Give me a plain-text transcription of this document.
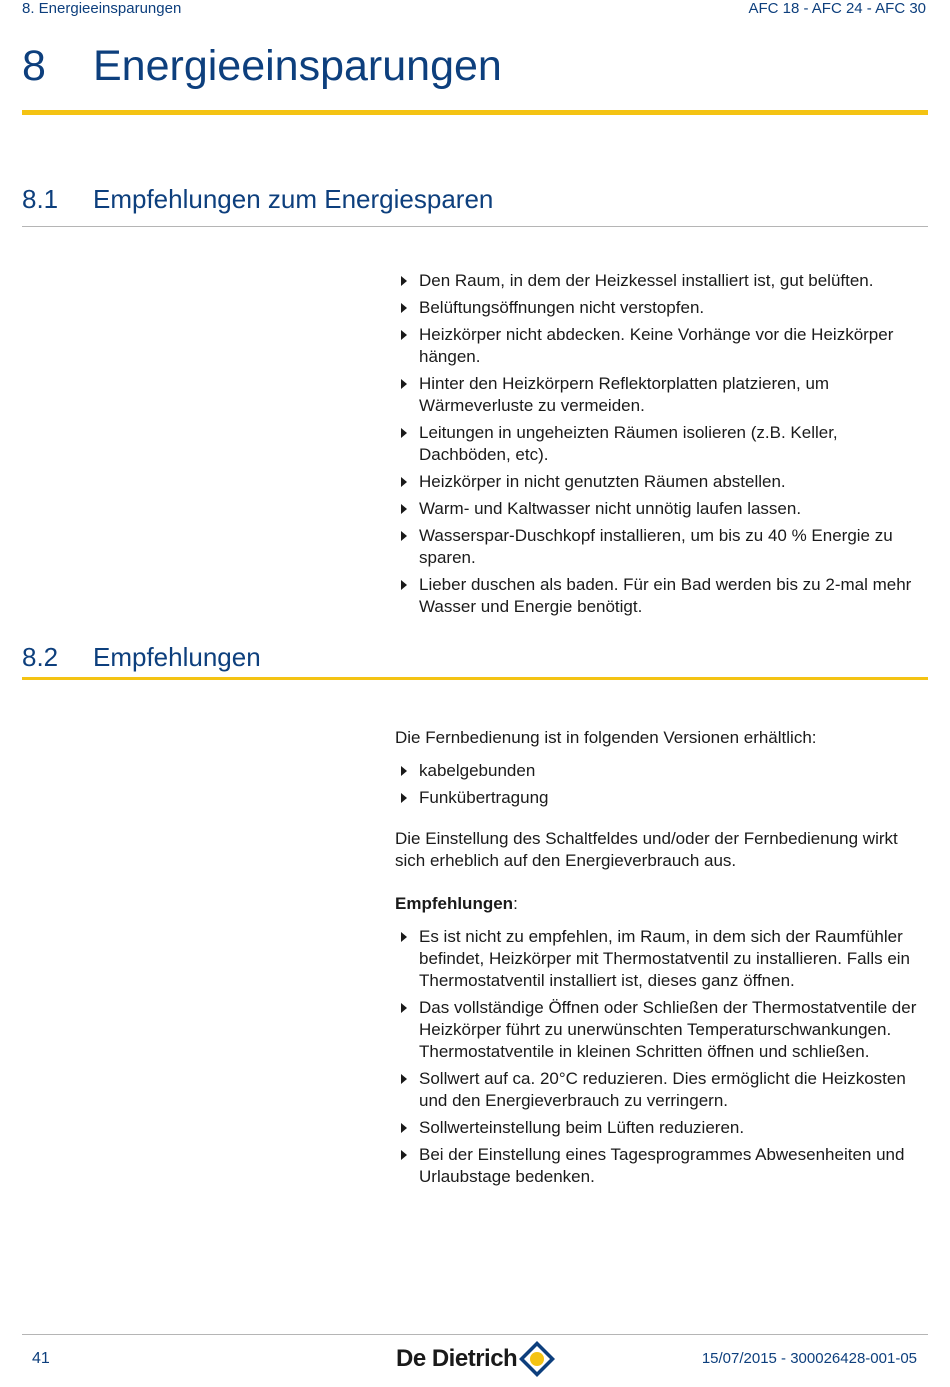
8. Energieeinsparungen	AFC 18 - AFC 24 - AFC 30
8 Energieeinsparungen
8.1 Empfehlungen zum Energiesparen
Den Raum, in dem der Heizkessel installiert ist, gut belüften.
Belüftungsöffnungen nicht verstopfen.
Heizkörper nicht abdecken. Keine Vorhänge vor die Heizkörper hängen.
Hinter den Heizkörpern Reflektorplatten platzieren, um Wärmeverluste zu vermeiden.
Leitungen in ungeheizten Räumen isolieren (z.B. Keller, Dachböden, etc).
Heizkörper in nicht genutzten Räumen abstellen.
Warm- und Kaltwasser nicht unnötig laufen lassen.
Wasserspar-Duschkopf installieren, um bis zu 40 % Energie zu sparen.
Lieber duschen als baden. Für ein Bad werden bis zu 2-mal mehr Wasser und Energie benötigt.
8.2 Empfehlungen

Die Fernbedienung ist in folgenden Versionen erhältlich:

kabelgebunden
Funkübertragung

Die Einstellung des Schaltfeldes und/oder der Fernbedienung wirkt sich erheblich auf den Energieverbrauch aus.

Empfehlungen:

Es ist nicht zu empfehlen, im Raum, in dem sich der Raumfühler befindet, Heizkörper mit Thermostatventil zu installieren. Falls ein Thermostatventil installiert ist, dieses ganz öffnen.
Das vollständige Öffnen oder Schließen der Thermostatventile der Heizkörper führt zu unerwünschten Temperaturschwankungen. Thermostatventile in kleinen Schritten öffnen und schließen.
Sollwert auf ca. 20°C reduzieren. Dies ermöglicht die Heizkosten und den Energieverbrauch zu verringern.
Sollwerteinstellung beim Lüften reduzieren.
Bei der Einstellung eines Tagesprogrammes Abwesenheiten und Urlaubstage bedenken.
41	De Dietrich	15/07/2015 - 300026428-001-05
